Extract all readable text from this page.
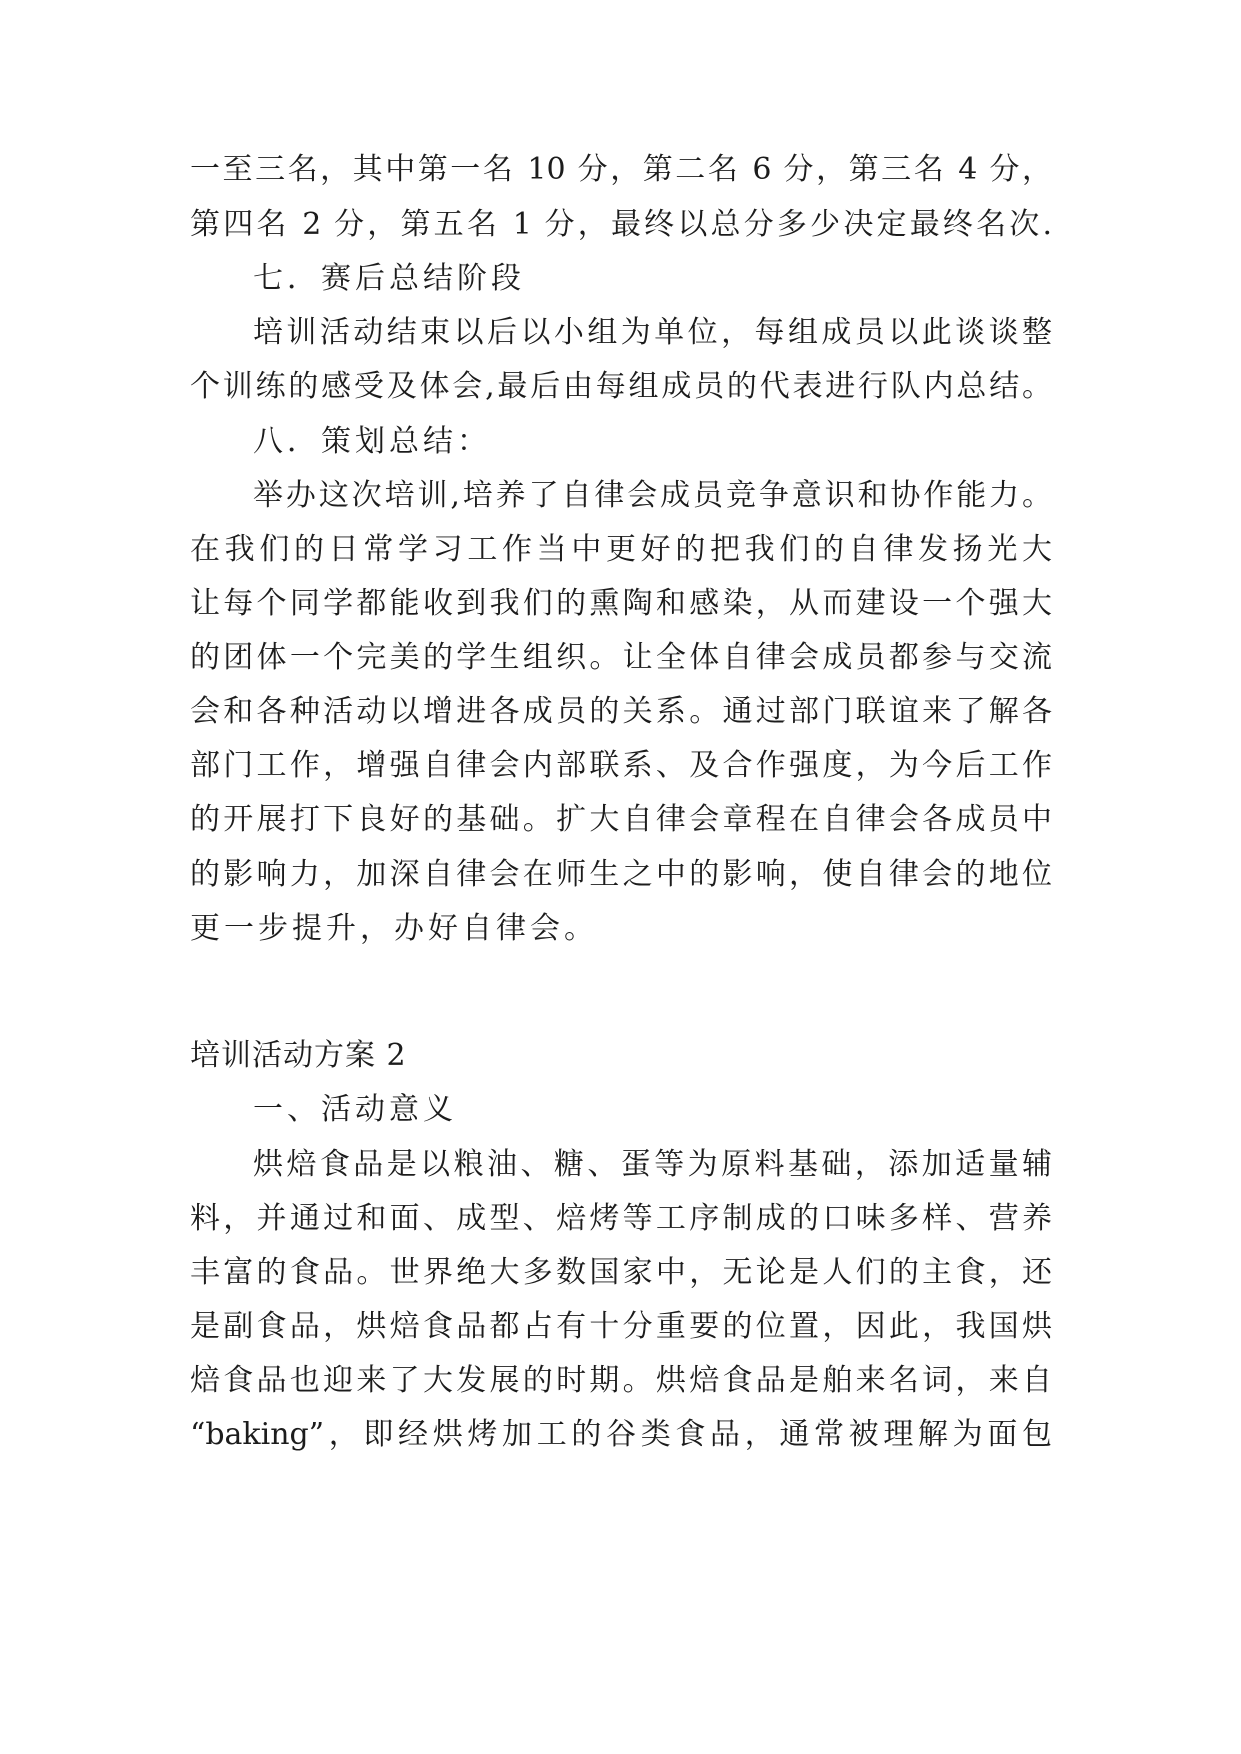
一至三名，其中第一名 10 分，第二名 6 分，第三名 4 分，
第四名 2 分，第五名 1 分，最终以总分多少决定最终名次.
七．赛后总结阶段
培训活动结束以后以小组为单位，每组成员以此谈谈整
个训练的感受及体会,最后由每组成员的代表进行队内总结。
八．策划总结：
举办这次培训,培养了自律会成员竞争意识和协作能力。
在我们的日常学习工作当中更好的把我们的自律发扬光大
让每个同学都能收到我们的熏陶和感染，从而建设一个强大
的团体一个完美的学生组织。让全体自律会成员都参与交流
会和各种活动以增进各成员的关系。通过部门联谊来了解各
部门工作，增强自律会内部联系、及合作强度，为今后工作
的开展打下良好的基础。扩大自律会章程在自律会各成员中
的影响力，加深自律会在师生之中的影响，使自律会的地位
更一步提升，办好自律会。
培训活动方案 2
一、活动意义
烘焙食品是以粮油、糖、蛋等为原料基础，添加适量辅
料，并通过和面、成型、焙烤等工序制成的口味多样、营养
丰富的食品。世界绝大多数国家中，无论是人们的主食，还
是副食品，烘焙食品都占有十分重要的位置，因此，我国烘
焙食品也迎来了大发展的时期。烘焙食品是舶来名词，来自
“baking”，即经烘烤加工的谷类食品，通常被理解为面包
